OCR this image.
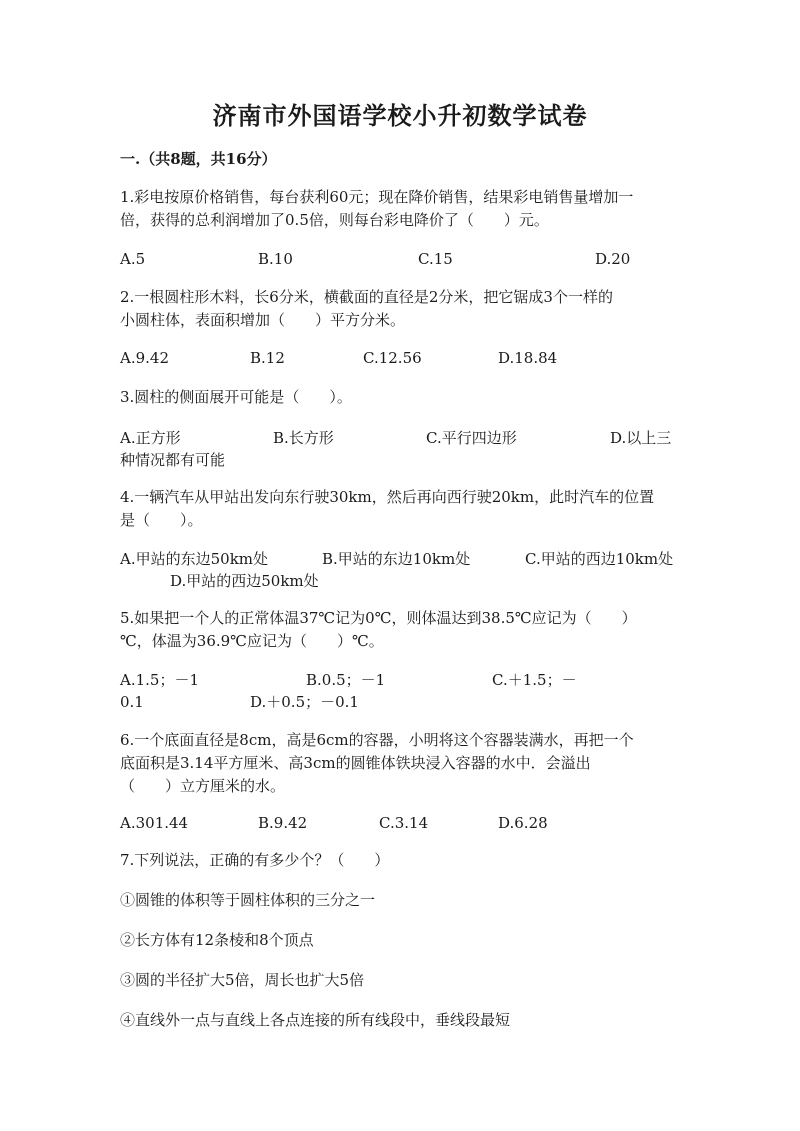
济南市外国语学校小升初数学试卷
一.（共8题，共16分）
1.彩电按原价格销售，每台获利60元；现在降价销售，结果彩电销售量增加一
倍，获得的总利润增加了0.5倍，则每台彩电降价了（　　）元。
A.5	B.10	C.15	D.20
2.一根圆柱形木料，长6分米，横截面的直径是2分米，把它锯成3个一样的
小圆柱体，表面积增加（　　）平方分米。
A.9.42	B.12	C.12.56	D.18.84
3.圆柱的侧面展开可能是（　　）。
A.正方形	B.长方形	C.平行四边形	D.以上三
种情况都有可能
4.一辆汽车从甲站出发向东行驶30km，然后再向西行驶20km，此时汽车的位置
是（　　）。
A.甲站的东边50km处	B.甲站的东边10km处	C.甲站的西边10km处
D.甲站的西边50km处
5.如果把一个人的正常体温37℃记为0℃，则体温达到38.5℃应记为（　　）
℃，体温为36.9℃应记为（　　）℃。
A.1.5；－1	B.0.5；－1	C.＋1.5；－
0.1	D.＋0.5；－0.1
6.一个底面直径是8cm，高是6cm的容器，小明将这个容器装满水，再把一个
底面积是3.14平方厘米、高3cm的圆锥体铁块浸入容器的水中．会溢出
（　　）立方厘米的水。
A.301.44	B.9.42	C.3.14	D.6.28
7.下列说法，正确的有多少个？（　　）
①圆锥的体积等于圆柱体积的三分之一
②长方体有12条棱和8个顶点
③圆的半径扩大5倍，周长也扩大5倍
④直线外一点与直线上各点连接的所有线段中，垂线段最短
